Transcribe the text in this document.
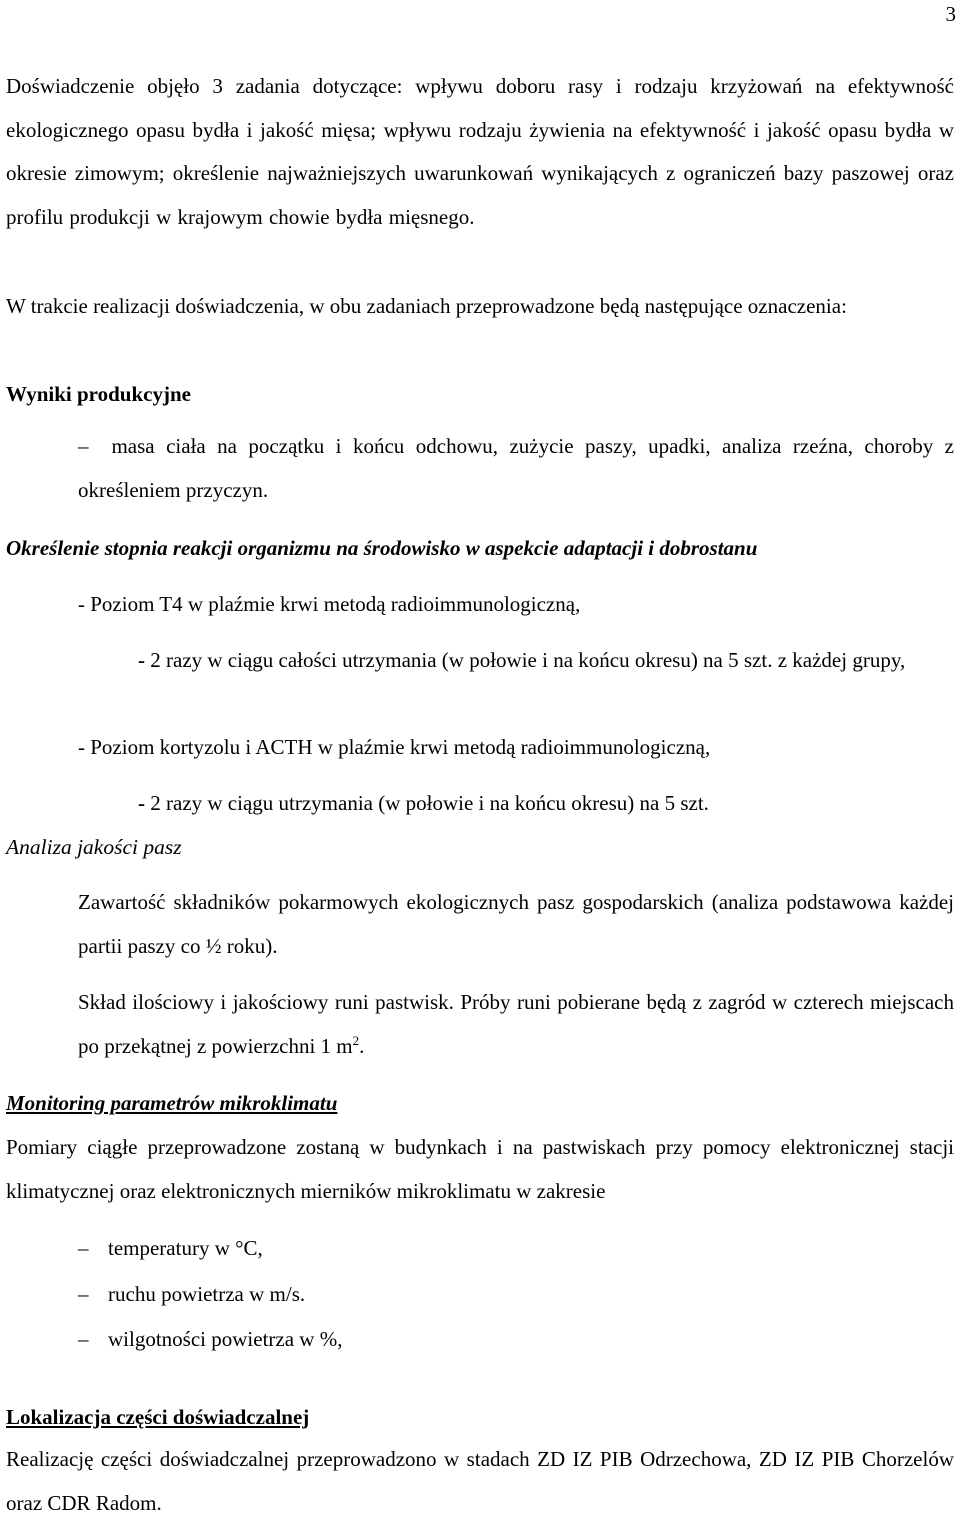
3
Doświadczenie objęło 3 zadania dotyczące: wpływu doboru rasy i rodzaju krzyżowań na efektywność ekologicznego opasu bydła i jakość mięsa; wpływu rodzaju żywienia na efektywność i jakość opasu bydła w okresie zimowym; określenie najważniejszych uwarunkowań wynikających z ograniczeń bazy paszowej oraz profilu produkcji w krajowym chowie bydła mięsnego.
W trakcie realizacji doświadczenia, w obu zadaniach przeprowadzone będą następujące oznaczenia:
Wyniki produkcyjne
– masa ciała na początku i końcu odchowu, zużycie paszy, upadki, analiza rzeźna, choroby z określeniem przyczyn.
Określenie stopnia reakcji organizmu na środowisko w aspekcie adaptacji i dobrostanu
- Poziom T4 w plaźmie krwi metodą radioimmunologiczną,
- 2 razy w ciągu całości utrzymania (w połowie i na końcu okresu) na 5 szt. z każdej grupy,
- Poziom kortyzolu i ACTH w plaźmie krwi metodą radioimmunologiczną,
- 2 razy w ciągu utrzymania (w połowie i na końcu okresu) na 5 szt.
Analiza jakości pasz
Zawartość składników pokarmowych ekologicznych pasz gospodarskich (analiza podstawowa każdej partii paszy co ½ roku).
Skład ilościowy i jakościowy runi pastwisk. Próby runi pobierane będą z zagród w czterech miejscach po przekątnej z powierzchni 1 $m^2$.
Monitoring parametrów mikroklimatu
Pomiary ciągłe przeprowadzone zostaną w budynkach i na pastwiskach przy pomocy elektronicznej stacji klimatycznej oraz elektronicznych mierników mikroklimatu w zakresie
– temperatury w °C,
– ruchu powietrza w m/s.
– wilgotności powietrza w %,
Lokalizacja części doświadczalnej
Realizację części doświadczalnej przeprowadzono w stadach ZD IZ PIB Odrzechowa, ZD IZ PIB Chorzelów oraz CDR Radom.
